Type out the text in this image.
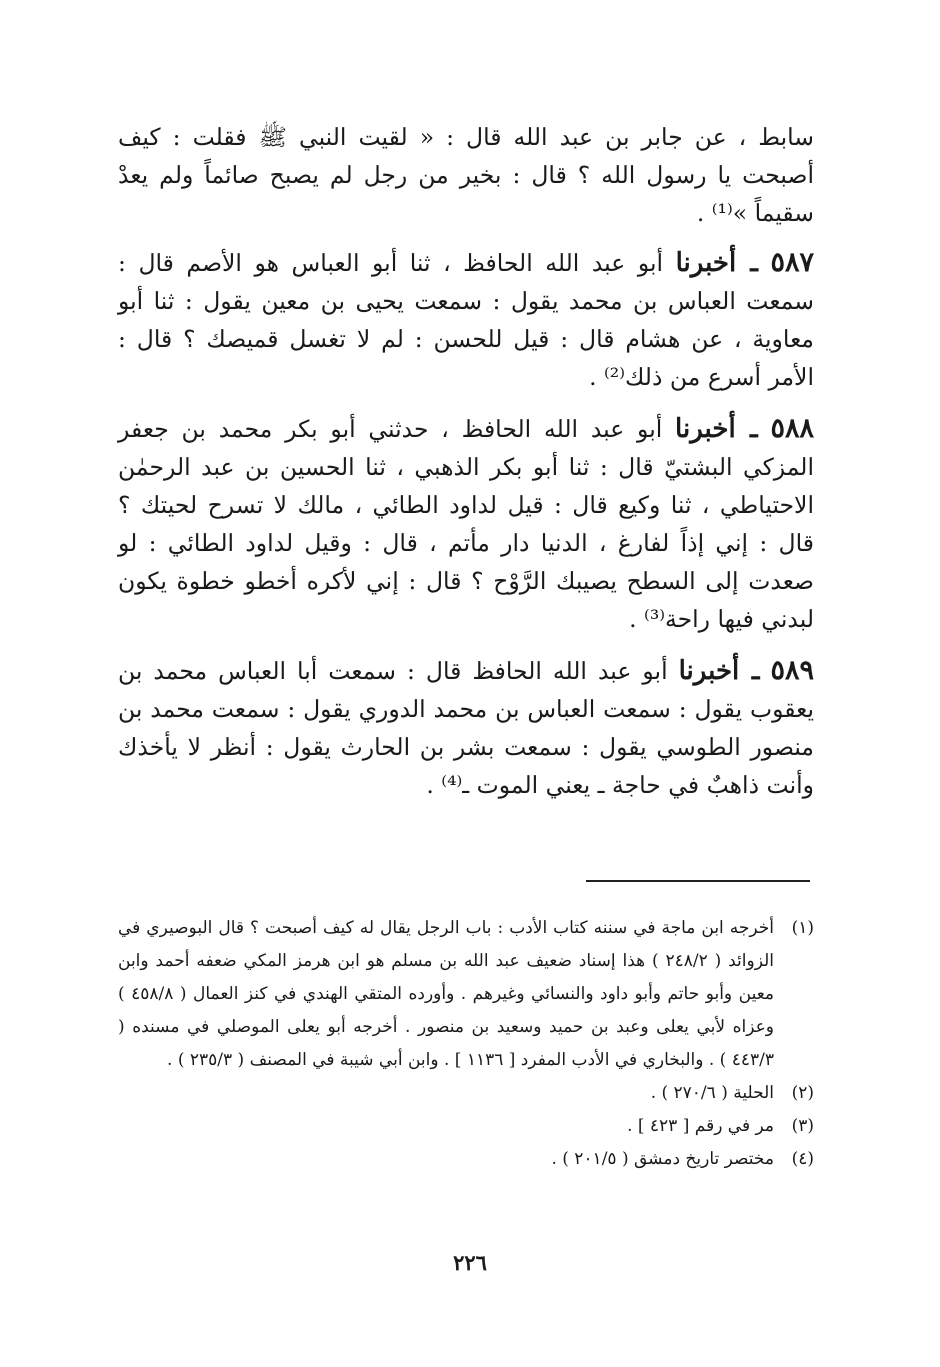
سابط ، عن جابر بن عبد الله قال : « لقيت النبي ﷺ فقلت : كيف أصبحت يا رسول الله ؟ قال : بخير من رجل لم يصبح صائماً ولم يعدْ سقيماً »⁽¹⁾ .

٥٨٧ ـ أخبرنا أبو عبد الله الحافظ ، ثنا أبو العباس هو الأصم قال : سمعت العباس بن محمد يقول : سمعت يحيى بن معين يقول : ثنا أبو معاوية ، عن هشام قال : قيل للحسن : لم لا تغسل قميصك ؟ قال : الأمر أسرع من ذلك⁽²⁾ .

٥٨٨ ـ أخبرنا أبو عبد الله الحافظ ، حدثني أبو بكر محمد بن جعفر المزكي البشتيّ قال : ثنا أبو بكر الذهبي ، ثنا الحسين بن عبد الرحمٰن الاحتياطي ، ثنا وكيع قال : قيل لداود الطائي ، مالك لا تسرح لحيتك ؟ قال : إني إذاً لفارغ ، الدنيا دار مأتم ، قال : وقيل لداود الطائي : لو صعدت إلى السطح يصيبك الرَّوْح ؟ قال : إني لأكره أخطو خطوة يكون لبدني فيها راحة⁽³⁾ .

٥٨٩ ـ أخبرنا أبو عبد الله الحافظ قال : سمعت أبا العباس محمد بن يعقوب يقول : سمعت العباس بن محمد الدوري يقول : سمعت محمد بن منصور الطوسي يقول : سمعت بشر بن الحارث يقول : أنظر لا يأخذك وأنت ذاهبٌ في حاجة ـ يعني الموت ـ⁽⁴⁾ .

(١)
أخرجه ابن ماجة في سننه كتاب الأدب : باب الرجل يقال له كيف أصبحت ؟ قال البوصيري في الزوائد ( ٢٤٨/٢ ) هذا إسناد ضعيف عبد الله بن مسلم هو ابن هرمز المكي ضعفه أحمد وابن معين وأبو حاتم وأبو داود والنسائي وغيرهم . وأورده المتقي الهندي في كنز العمال ( ٤٥٨/٨ ) وعزاه لأبي يعلى وعبد بن حميد وسعيد بن منصور . أخرجه أبو يعلى الموصلي في مسنده ( ٤٤٣/٣ ) . والبخاري في الأدب المفرد [ ١١٣٦ ] . وابن أبي شيبة في المصنف ( ٢٣٥/٣ ) .

(٢)
الحلية ( ٢٧٠/٦ ) .

(٣)
مر في رقم [ ٤٢٣ ] .

(٤)
مختصر تاريخ دمشق ( ٢٠١/٥ ) .

٢٢٦
